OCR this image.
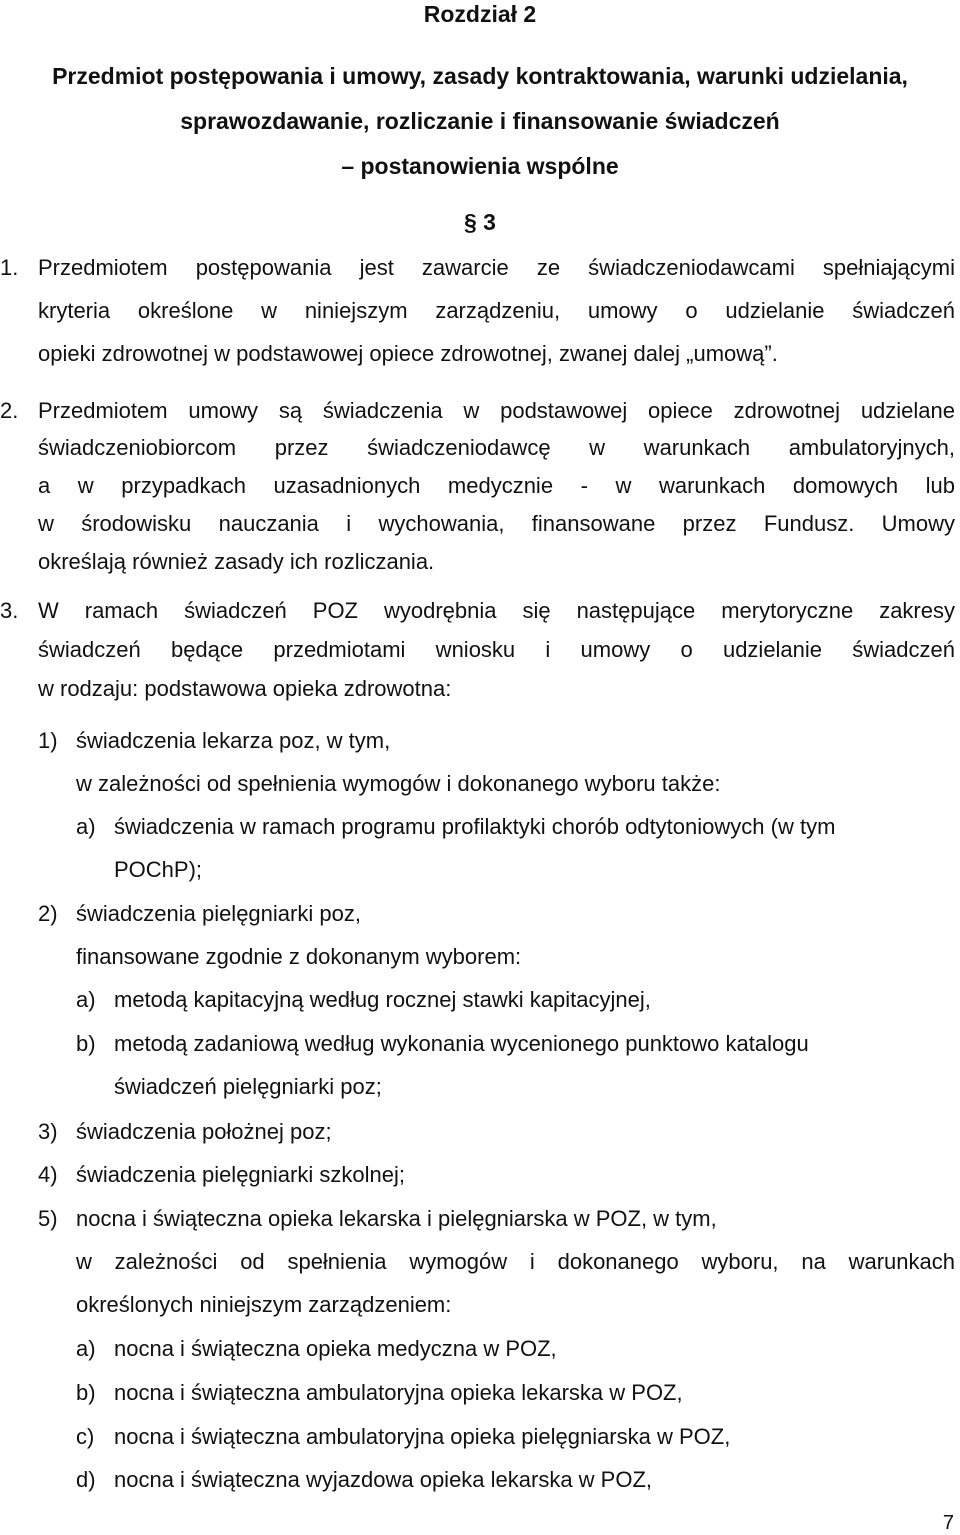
Rozdział 2
Przedmiot postępowania i umowy, zasady kontraktowania, warunki udzielania,
sprawozdawanie, rozliczanie i finansowanie świadczeń
– postanowienia wspólne
§ 3
1. Przedmiotem postępowania jest zawarcie ze świadczeniodawcami spełniającymi
kryteria określone w niniejszym zarządzeniu, umowy o udzielanie świadczeń
opieki zdrowotnej w podstawowej opiece zdrowotnej, zwanej dalej „umową”.
2. Przedmiotem umowy są świadczenia w podstawowej opiece zdrowotnej udzielane
świadczeniobiorcom przez świadczeniodawcę w warunkach ambulatoryjnych,
a w przypadkach uzasadnionych medycznie - w warunkach domowych lub
w środowisku nauczania i wychowania, finansowane przez Fundusz. Umowy
określają również zasady ich rozliczania.
3. W ramach świadczeń POZ wyodrębnia się następujące merytoryczne zakresy
świadczeń będące przedmiotami wniosku i umowy o udzielanie świadczeń
w rodzaju: podstawowa opieka zdrowotna:
1) świadczenia lekarza poz, w tym,
w zależności od spełnienia wymogów i dokonanego wyboru także:
a) świadczenia w ramach programu profilaktyki chorób odtytoniowych (w tym
POChP);
2) świadczenia pielęgniarki poz,
finansowane zgodnie z dokonanym wyborem:
a) metodą kapitacyjną według rocznej stawki kapitacyjnej,
b) metodą zadaniową według wykonania wycenionego punktowo katalogu
świadczeń pielęgniarki poz;
3) świadczenia położnej poz;
4) świadczenia pielęgniarki szkolnej;
5) nocna i świąteczna opieka lekarska i pielęgniarska w POZ, w tym,
w zależności od spełnienia wymogów i dokonanego wyboru, na warunkach
określonych niniejszym zarządzeniem:
a) nocna i świąteczna opieka medyczna w POZ,
b) nocna i świąteczna ambulatoryjna opieka lekarska w POZ,
c) nocna i świąteczna ambulatoryjna opieka pielęgniarska w POZ,
d) nocna i świąteczna wyjazdowa opieka lekarska w POZ,
7
